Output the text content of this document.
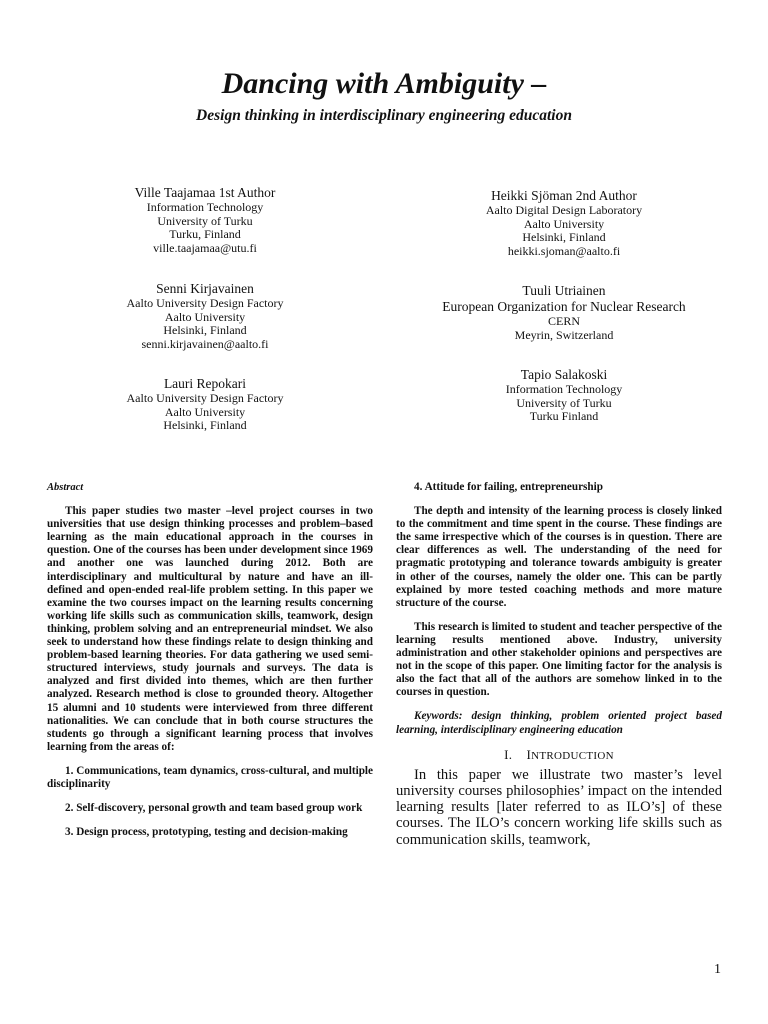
Dancing with Ambiguity –
Design thinking in interdisciplinary engineering education
Ville Taajamaa 1st Author
Information Technology
University of Turku
Turku, Finland
ville.taajamaa@utu.fi
Heikki Sjöman 2nd Author
Aalto Digital Design Laboratory
Aalto University
Helsinki, Finland
heikki.sjoman@aalto.fi
Senni Kirjavainen
Aalto University Design Factory
Aalto University
Helsinki, Finland
senni.kirjavainen@aalto.fi
Tuuli Utriainen
European Organization for Nuclear Research
CERN
Meyrin, Switzerland
Lauri Repokari
Aalto University Design Factory
Aalto University
Helsinki, Finland
Tapio Salakoski
Information Technology
University of Turku
Turku Finland
Abstract

This paper studies two master –level project courses in two universities that use design thinking processes and problem–based learning as the main educational approach in the courses in question. One of the courses has been under development since 1969 and another one was launched during 2012. Both are interdisciplinary and multicultural by nature and have an ill-defined and open-ended real-life problem setting. In this paper we examine the two courses impact on the learning results concerning working life skills such as communication skills, teamwork, design thinking, problem solving and an entrepreneurial mindset. We also seek to understand how these findings relate to design thinking and problem-based learning theories. For data gathering we used semi-structured interviews, study journals and surveys. The data is analyzed and first divided into themes, which are then further analyzed. Research method is close to grounded theory. Altogether 15 alumni and 10 students were interviewed from three different nationalities. We can conclude that in both course structures the students go through a significant learning process that involves learning from the areas of:

1. Communications, team dynamics, cross-cultural, and multiple disciplinarity

2. Self-discovery, personal growth and team based group work

3. Design process, prototyping, testing and decision-making

4. Attitude for failing, entrepreneurship

The depth and intensity of the learning process is closely linked to the commitment and time spent in the course. These findings are the same irrespective which of the courses is in question. There are clear differences as well. The understanding of the need for pragmatic prototyping and tolerance towards ambiguity is greater in other of the courses, namely the older one. This can be partly explained by more tested coaching methods and more mature structure of the course.

This research is limited to student and teacher perspective of the learning results mentioned above. Industry, university administration and other stakeholder opinions and perspectives are not in the scope of this paper. One limiting factor for the analysis is also the fact that all of the authors are somehow linked in to the courses in question.

Keywords: design thinking, problem oriented project based learning, interdisciplinary engineering education

I. INTRODUCTION

In this paper we illustrate two master’s level university courses philosophies’ impact on the intended learning results [later referred to as ILO’s] of these courses. The ILO’s concern working life skills such as communication skills, teamwork,

1
